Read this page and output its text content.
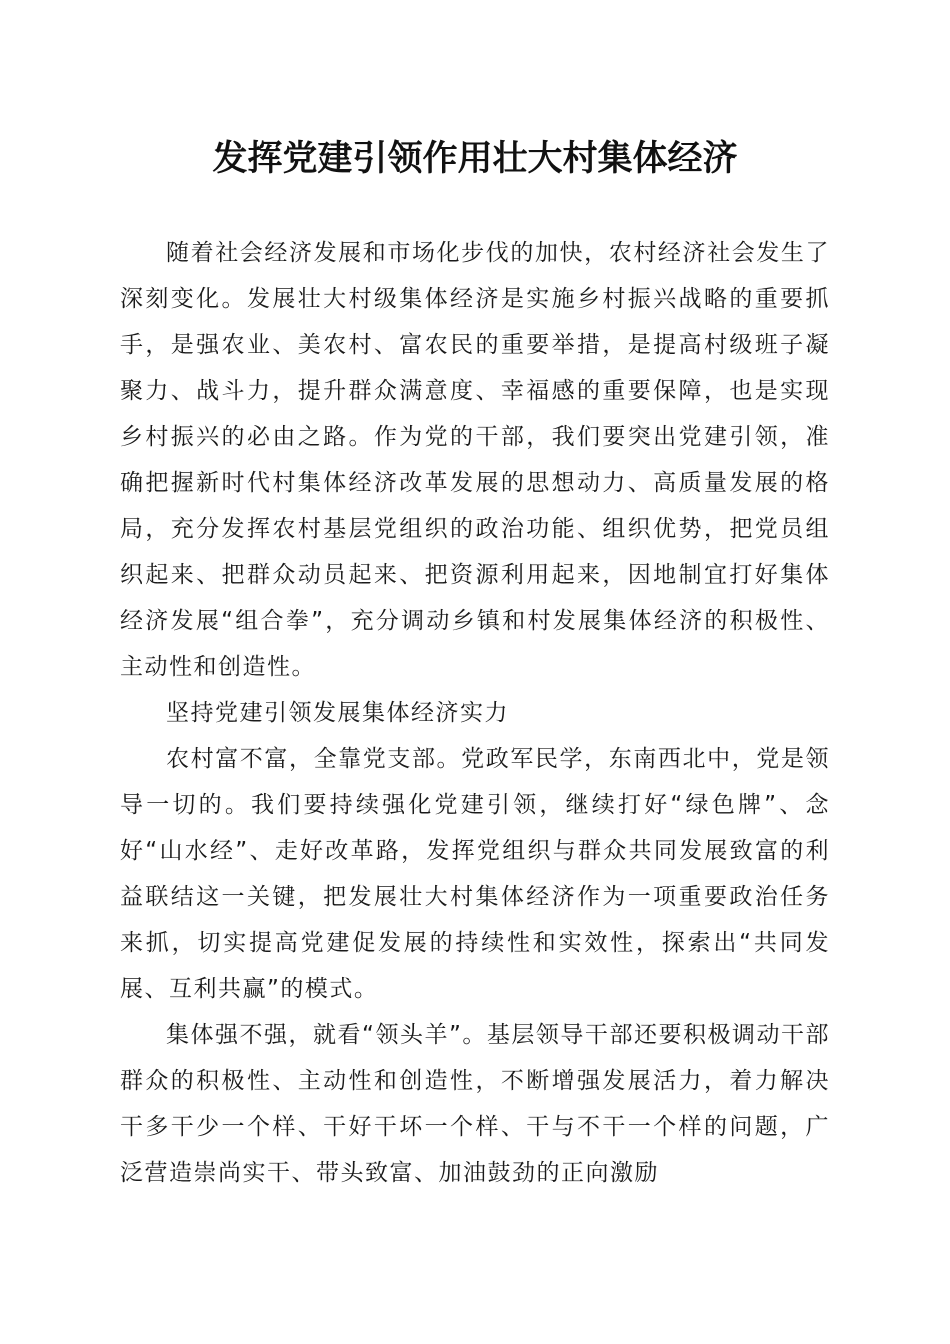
发挥党建引领作用壮大村集体经济

随着社会经济发展和市场化步伐的加快，农村经济社会发生了深刻变化。发展壮大村级集体经济是实施乡村振兴战略的重要抓手，是强农业、美农村、富农民的重要举措，是提高村级班子凝聚力、战斗力，提升群众满意度、幸福感的重要保障，也是实现乡村振兴的必由之路。作为党的干部，我们要突出党建引领，准确把握新时代村集体经济改革发展的思想动力、高质量发展的格局，充分发挥农村基层党组织的政治功能、组织优势，把党员组织起来、把群众动员起来、把资源利用起来，因地制宜打好集体经济发展“组合拳”，充分调动乡镇和村发展集体经济的积极性、主动性和创造性。

坚持党建引领发展集体经济实力

农村富不富，全靠党支部。党政军民学，东南西北中，党是领导一切的。我们要持续强化党建引领，继续打好“绿色牌”、念好“山水经”、走好改革路，发挥党组织与群众共同发展致富的利益联结这一关键，把发展壮大村集体经济作为一项重要政治任务来抓，切实提高党建促发展的持续性和实效性，探索出“共同发展、互利共赢”的模式。

集体强不强，就看“领头羊”。基层领导干部还要积极调动干部群众的积极性、主动性和创造性，不断增强发展活力，着力解决干多干少一个样、干好干坏一个样、干与不干一个样的问题，广泛营造崇尚实干、带头致富、加油鼓劲的正向激励
